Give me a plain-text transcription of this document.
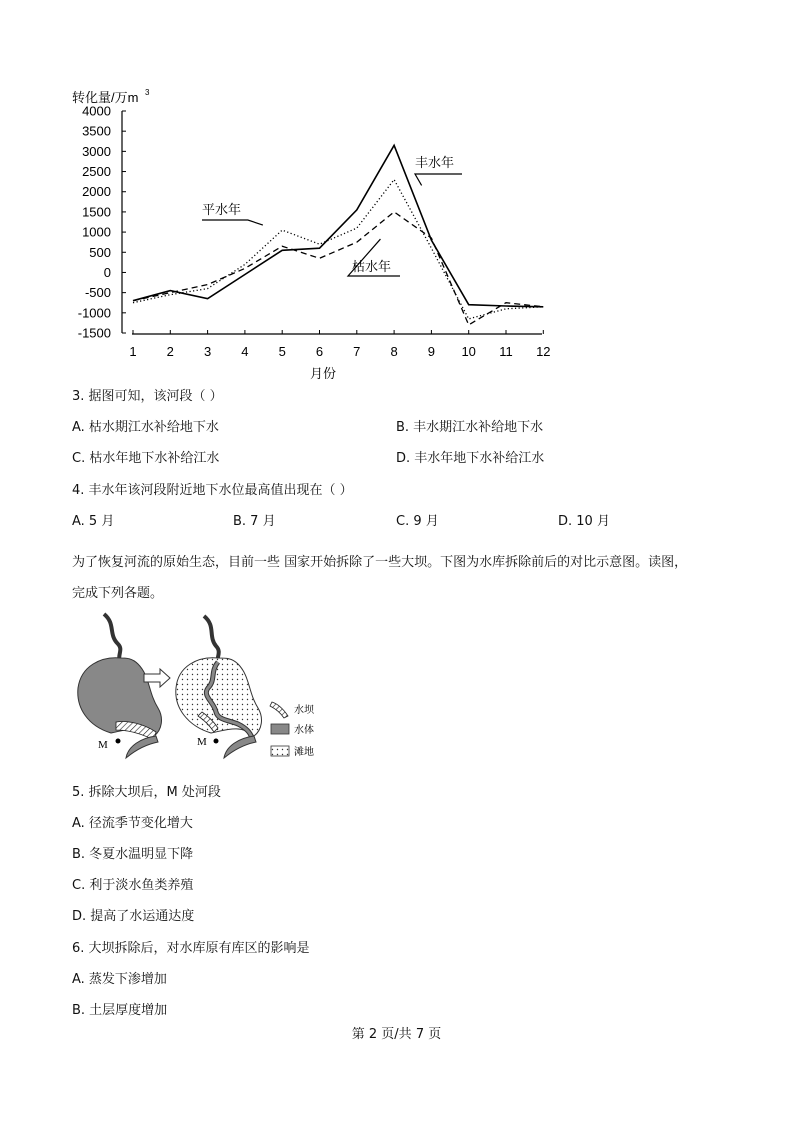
转化量/万m 3
4000
3500
3000
2500
2000
1500
1000
500
0
-500
-1000
-1500
1 2 3 4 5 6 7 8 9 10 11 12
丰水年
平水年
枯水年
月份
3. 据图可知，该河段（ ）
A. 枯水期江水补给地下水	B. 丰水期江水补给地下水
C. 枯水年地下水补给江水	D. 丰水年地下水补给江水
4. 丰水年该河段附近地下水位最高值出现在（ ）
A. 5 月	B. 7 月	C. 9 月	D. 10 月
为了恢复河流的原始生态，目前一些 国家开始拆除了一些大坝。下图为水库拆除前后的对比示意图。读图，
完成下列各题。
M	M
水坝
水体
滩地
5. 拆除大坝后，M 处河段
A. 径流季节变化增大
B. 冬夏水温明显下降
C. 利于淡水鱼类养殖
D. 提高了水运通达度
6. 大坝拆除后，对水库原有库区的影响是
A. 蒸发下渗增加
B. 土层厚度增加
第 2 页/共 7 页
